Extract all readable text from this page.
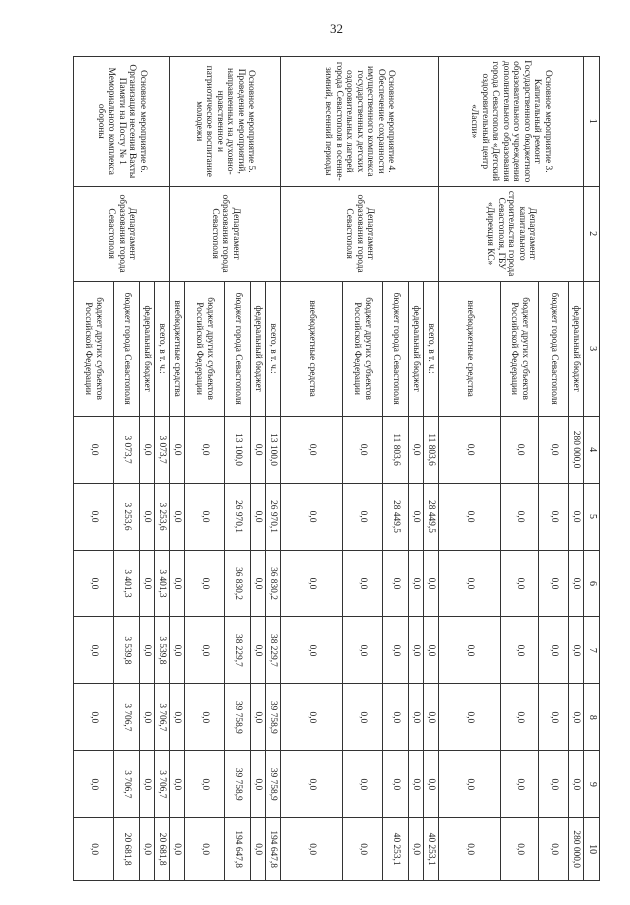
32
1	2	3	4	5	6	7	8	9	10
Основное мероприятие 3. Капитальный ремонт Государственного бюджетного образовательного учреждения дополнительного образования города Севастополя «Детский оздоровительный центр «Ласпи»	Департамент капитального строительства города Севастополя, ГБУ «Дирекция КС»	федеральный бюджет	280 000,0	0,0	0,0	0,0	0,0	0,0	280 000,0
		бюджет города Севастополя	0,0	0,0	0,0	0,0	0,0	0,0	0,0
		бюджет других субъектов Российской Федерации	0,0	0,0	0,0	0,0	0,0	0,0	0,0
		внебюджетные средства	0,0	0,0	0,0	0,0	0,0	0,0	0,0
Основное мероприятие 4. Обеспечение сохранности имущественного комплекса государственных детских оздоровительных лагерей города Севастополя в осенне-зимний, весенний периоды	Департамент образования города Севастополя	всего, в т. ч.:	11 803,6	28 449,5	0,0	0,0	0,0	0,0	40 253,1
		федеральный бюджет	0,0	0,0	0,0	0,0	0,0	0,0	0,0
		бюджет города Севастополя	11 803,6	28 449,5	0,0	0,0	0,0	0,0	40 253,1
		бюджет других субъектов Российской Федерации	0,0	0,0	0,0	0,0	0,0	0,0	0,0
		внебюджетные средства	0,0	0,0	0,0	0,0	0,0	0,0	0,0
Основное мероприятие 5. Проведение мероприятий, направленных на духовно-нравственное и патриотическое воспитание молодежи	Департамент образования города Севастополя	всего, в т. ч.:	13 100,0	26 970,1	36 830,2	38 229,7	39 758,9	39 758,9	194 647,8
		федеральный бюджет	0,0	0,0	0,0	0,0	0,0	0,0	0,0
		бюджет города Севастополя	13 100,0	26 970,1	36 830,2	38 229,7	39 758,9	39 758,9	194 647,8
		бюджет других субъектов Российской Федерации	0,0	0,0	0,0	0,0	0,0	0,0	0,0
		внебюджетные средства	0,0	0,0	0,0	0,0	0,0	0,0	0,0
Основное мероприятие 6. Организация несения Вахты Памяти на Посту № 1 Мемориального комплекса обороны	Департамент образования города Севастополя	всего, в т. ч.:	3 073,7	3 253,6	3 401,3	3 539,8	3 706,7	3 706,7	20 681,8
		федеральный бюджет	0,0	0,0	0,0	0,0	0,0	0,0	0,0
		бюджет города Севастополя	3 073,7	3 253,6	3 401,3	3 539,8	3 706,7	3 706,7	20 681,8
		бюджет других субъектов Российской Федерации	0,0	0,0	0,0	0,0	0,0	0,0	0,0
